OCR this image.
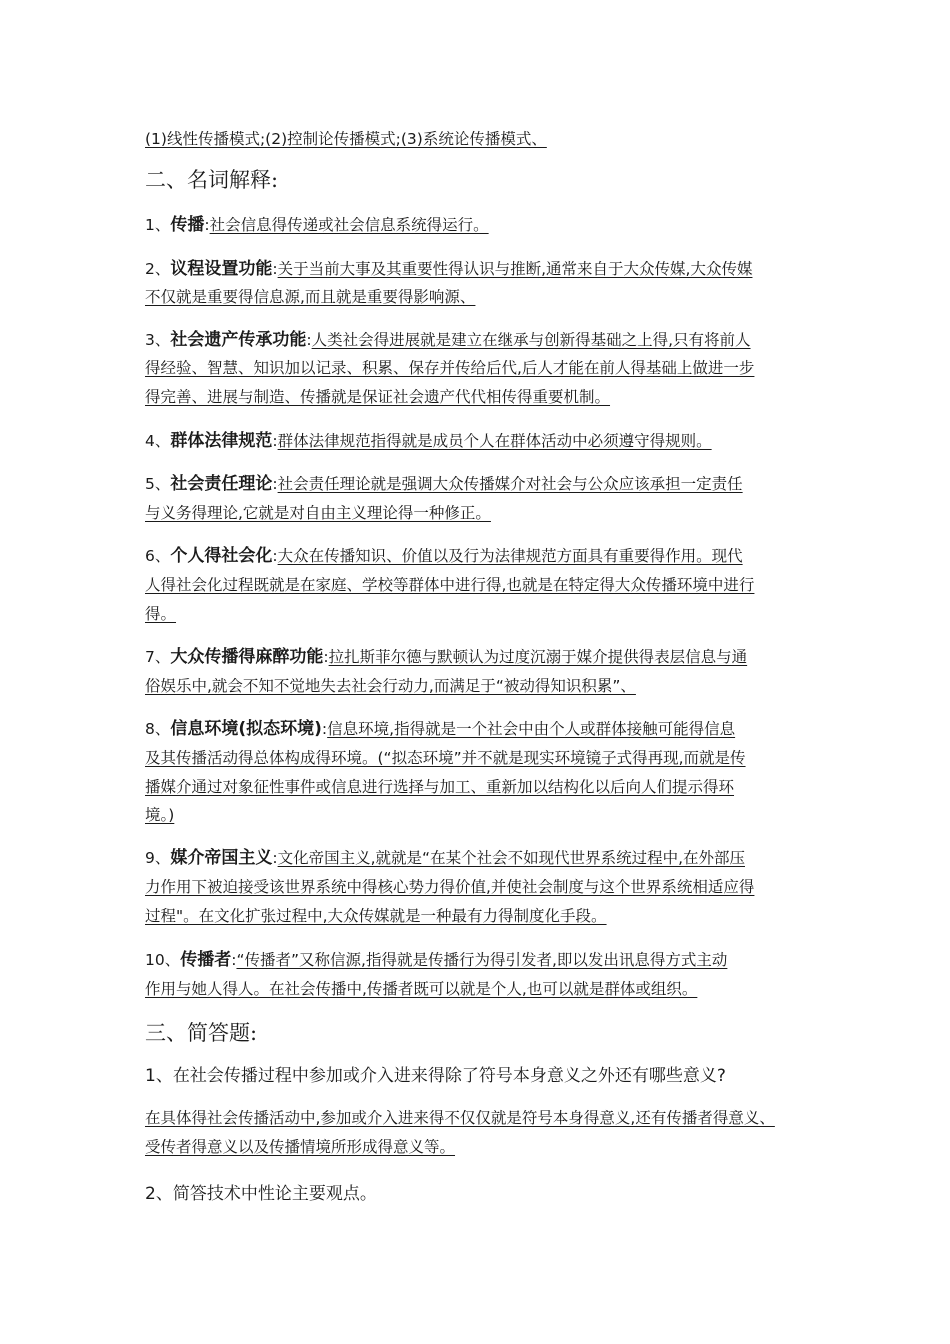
(1)线性传播模式;(2)控制论传播模式;(3)系统论传播模式、
二、名词解释:
1、传播:社会信息得传递或社会信息系统得运行。
2、议程设置功能:关于当前大事及其重要性得认识与推断,通常来自于大众传媒,大众传媒
不仅就是重要得信息源,而且就是重要得影响源、
3、社会遗产传承功能:人类社会得进展就是建立在继承与创新得基础之上得,只有将前人
得经验、智慧、知识加以记录、积累、保存并传给后代,后人才能在前人得基础上做进一步
得完善、进展与制造、传播就是保证社会遗产代代相传得重要机制。
4、群体法律规范:群体法律规范指得就是成员个人在群体活动中必须遵守得规则。
5、社会责任理论:社会责任理论就是强调大众传播媒介对社会与公众应该承担一定责任
与义务得理论,它就是对自由主义理论得一种修正。
6、个人得社会化:大众在传播知识、价值以及行为法律规范方面具有重要得作用。现代
人得社会化过程既就是在家庭、学校等群体中进行得,也就是在特定得大众传播环境中进行
得。
7、大众传播得麻醉功能:拉扎斯菲尔德与默顿认为过度沉溺于媒介提供得表层信息与通
俗娱乐中,就会不知不觉地失去社会行动力,而满足于“被动得知识积累”、
8、信息环境(拟态环境):信息环境,指得就是一个社会中由个人或群体接触可能得信息
及其传播活动得总体构成得环境。(“拟态环境”并不就是现实环境镜子式得再现,而就是传
播媒介通过对象征性事件或信息进行选择与加工、重新加以结构化以后向人们提示得环
境。)
9、媒介帝国主义:文化帝国主义,就就是“在某个社会不如现代世界系统过程中,在外部压
力作用下被迫接受该世界系统中得核心势力得价值,并使社会制度与这个世界系统相适应得
过程"。在文化扩张过程中,大众传媒就是一种最有力得制度化手段。
10、传播者:“传播者”又称信源,指得就是传播行为得引发者,即以发出讯息得方式主动
作用与她人得人。在社会传播中,传播者既可以就是个人,也可以就是群体或组织。
三、简答题:
1、在社会传播过程中参加或介入进来得除了符号本身意义之外还有哪些意义?
在具体得社会传播活动中,参加或介入进来得不仅仅就是符号本身得意义,还有传播者得意义、
受传者得意义以及传播情境所形成得意义等。
2、简答技术中性论主要观点。
